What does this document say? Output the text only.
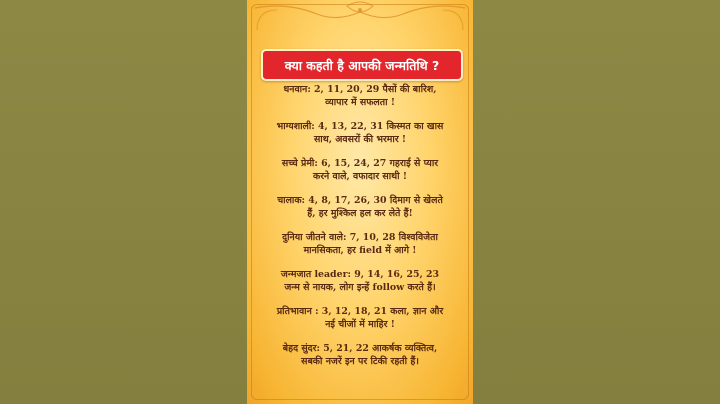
क्या कहती है आपकी जन्मतिथि ?
धनवान: 2, 11, 20, 29 पैसों की बारिश,
व्यापार में सफलता !
भाग्यशाली: 4, 13, 22, 31 किस्मत का खास
साथ, अवसरों की भरमार !
सच्चे प्रेमी: 6, 15, 24, 27 गहराई से प्यार
करने वाले, वफादार साथी !
चालाक: 4, 8, 17, 26, 30 दिमाग से खेलते
हैं, हर मुश्किल हल कर लेते हैं!
दुनिया जीतने वाले: 7, 10, 28 विश्वविजेता
मानसिकता, हर field में आगे !
जन्मजात leader: 9, 14, 16, 25, 23
जन्म से नायक, लोग इन्हें follow करते हैं।
प्रतिभावान : 3, 12, 18, 21 कला, ज्ञान और
नई चीजों में माहिर !
बेहद सुंदर: 5, 21, 22 आकर्षक व्यक्तित्व,
सबकी नजरें इन पर टिकी रहती हैं।
